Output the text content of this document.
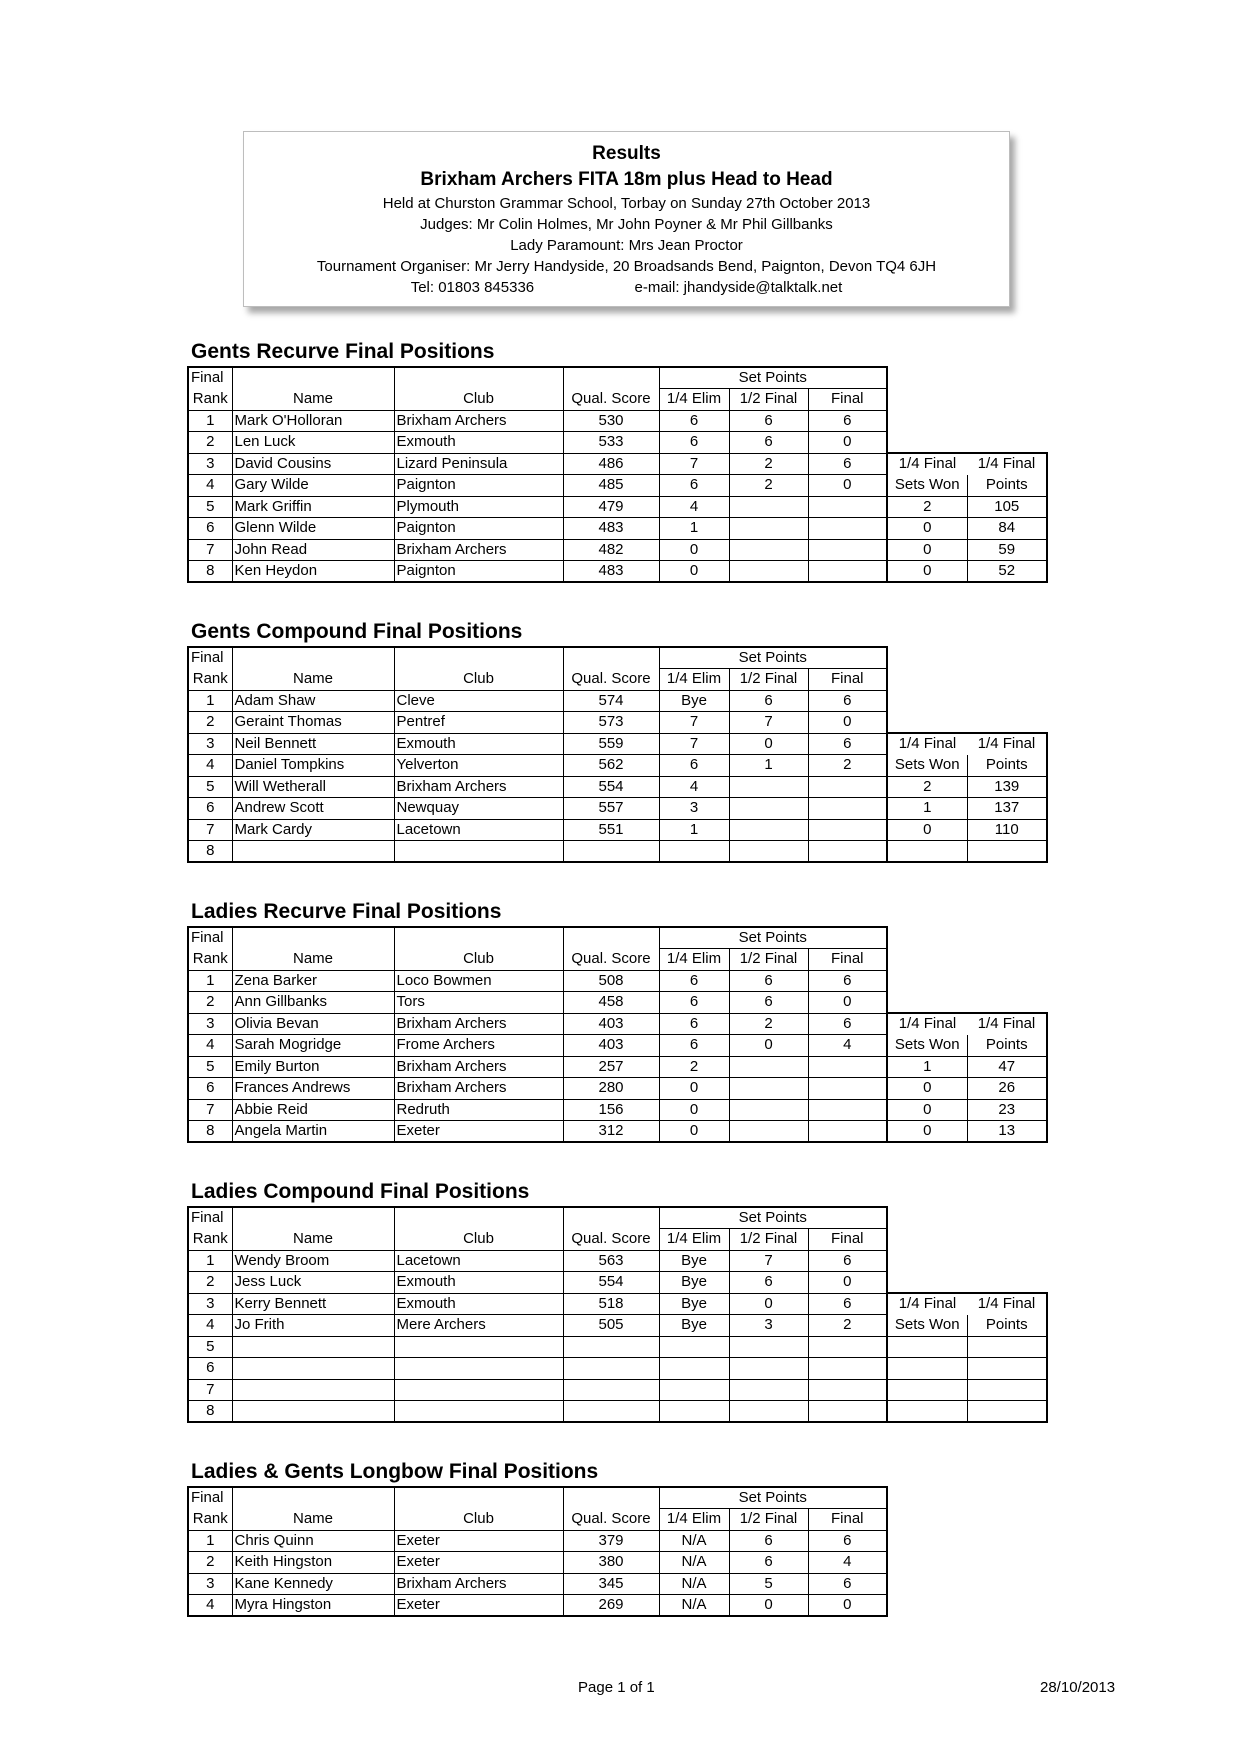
Results
Brixham Archers FITA 18m plus Head to Head
Held at Churston Grammar School, Torbay on Sunday 27th October 2013
Judges: Mr Colin Holmes, Mr John Poyner & Mr Phil Gillbanks
Lady Paramount: Mrs Jean Proctor
Tournament Organiser: Mr Jerry Handyside, 20 Broadsands Bend, Paignton, Devon TQ4 6JH
Tel: 01803 845336	e-mail: jhandyside@talktalk.net
Gents Recurve Final Positions
Final				Set Points				
Rank	Name	Club	Qual. Score	1/4 Elim	1/2 Final	Final		
1	Mark O'Holloran	Brixham Archers	530	6	6	6		
2	Len Luck	Exmouth	533	6	6	0		
3	David Cousins	Lizard Peninsula	486	7	2	6	1/4 Final	1/4 Final
4	Gary Wilde	Paignton	485	6	2	0	Sets Won	Points
5	Mark Griffin	Plymouth	479	4			2	105
6	Glenn Wilde	Paignton	483	1			0	84
7	John Read	Brixham Archers	482	0			0	59
8	Ken Heydon	Paignton	483	0			0	52
Gents Compound Final Positions
Final				Set Points				
Rank	Name	Club	Qual. Score	1/4 Elim	1/2 Final	Final		
1	Adam Shaw	Cleve	574	Bye	6	6		
2	Geraint Thomas	Pentref	573	7	7	0		
3	Neil Bennett	Exmouth	559	7	0	6	1/4 Final	1/4 Final
4	Daniel Tompkins	Yelverton	562	6	1	2	Sets Won	Points
5	Will Wetherall	Brixham Archers	554	4			2	139
6	Andrew Scott	Newquay	557	3			1	137
7	Mark Cardy	Lacetown	551	1			0	110
8								
Ladies Recurve Final Positions
Final				Set Points				
Rank	Name	Club	Qual. Score	1/4 Elim	1/2 Final	Final		
1	Zena Barker	Loco Bowmen	508	6	6	6		
2	Ann Gillbanks	Tors	458	6	6	0		
3	Olivia Bevan	Brixham Archers	403	6	2	6	1/4 Final	1/4 Final
4	Sarah Mogridge	Frome Archers	403	6	0	4	Sets Won	Points
5	Emily Burton	Brixham Archers	257	2			1	47
6	Frances Andrews	Brixham Archers	280	0			0	26
7	Abbie Reid	Redruth	156	0			0	23
8	Angela Martin	Exeter	312	0			0	13
Ladies Compound Final Positions
Final				Set Points				
Rank	Name	Club	Qual. Score	1/4 Elim	1/2 Final	Final		
1	Wendy Broom	Lacetown	563	Bye	7	6		
2	Jess Luck	Exmouth	554	Bye	6	0		
3	Kerry Bennett	Exmouth	518	Bye	0	6	1/4 Final	1/4 Final
4	Jo Frith	Mere Archers	505	Bye	3	2	Sets Won	Points
5								
6								
7								
8								
Ladies & Gents Longbow Final Positions
Final				Set Points		
Rank	Name	Club	Qual. Score	1/4 Elim	1/2 Final	Final
1	Chris Quinn	Exeter	379	N/A	6	6
2	Keith Hingston	Exeter	380	N/A	6	4
3	Kane Kennedy	Brixham Archers	345	N/A	5	6
4	Myra Hingston	Exeter	269	N/A	0	0
Page 1 of 1	28/10/2013
